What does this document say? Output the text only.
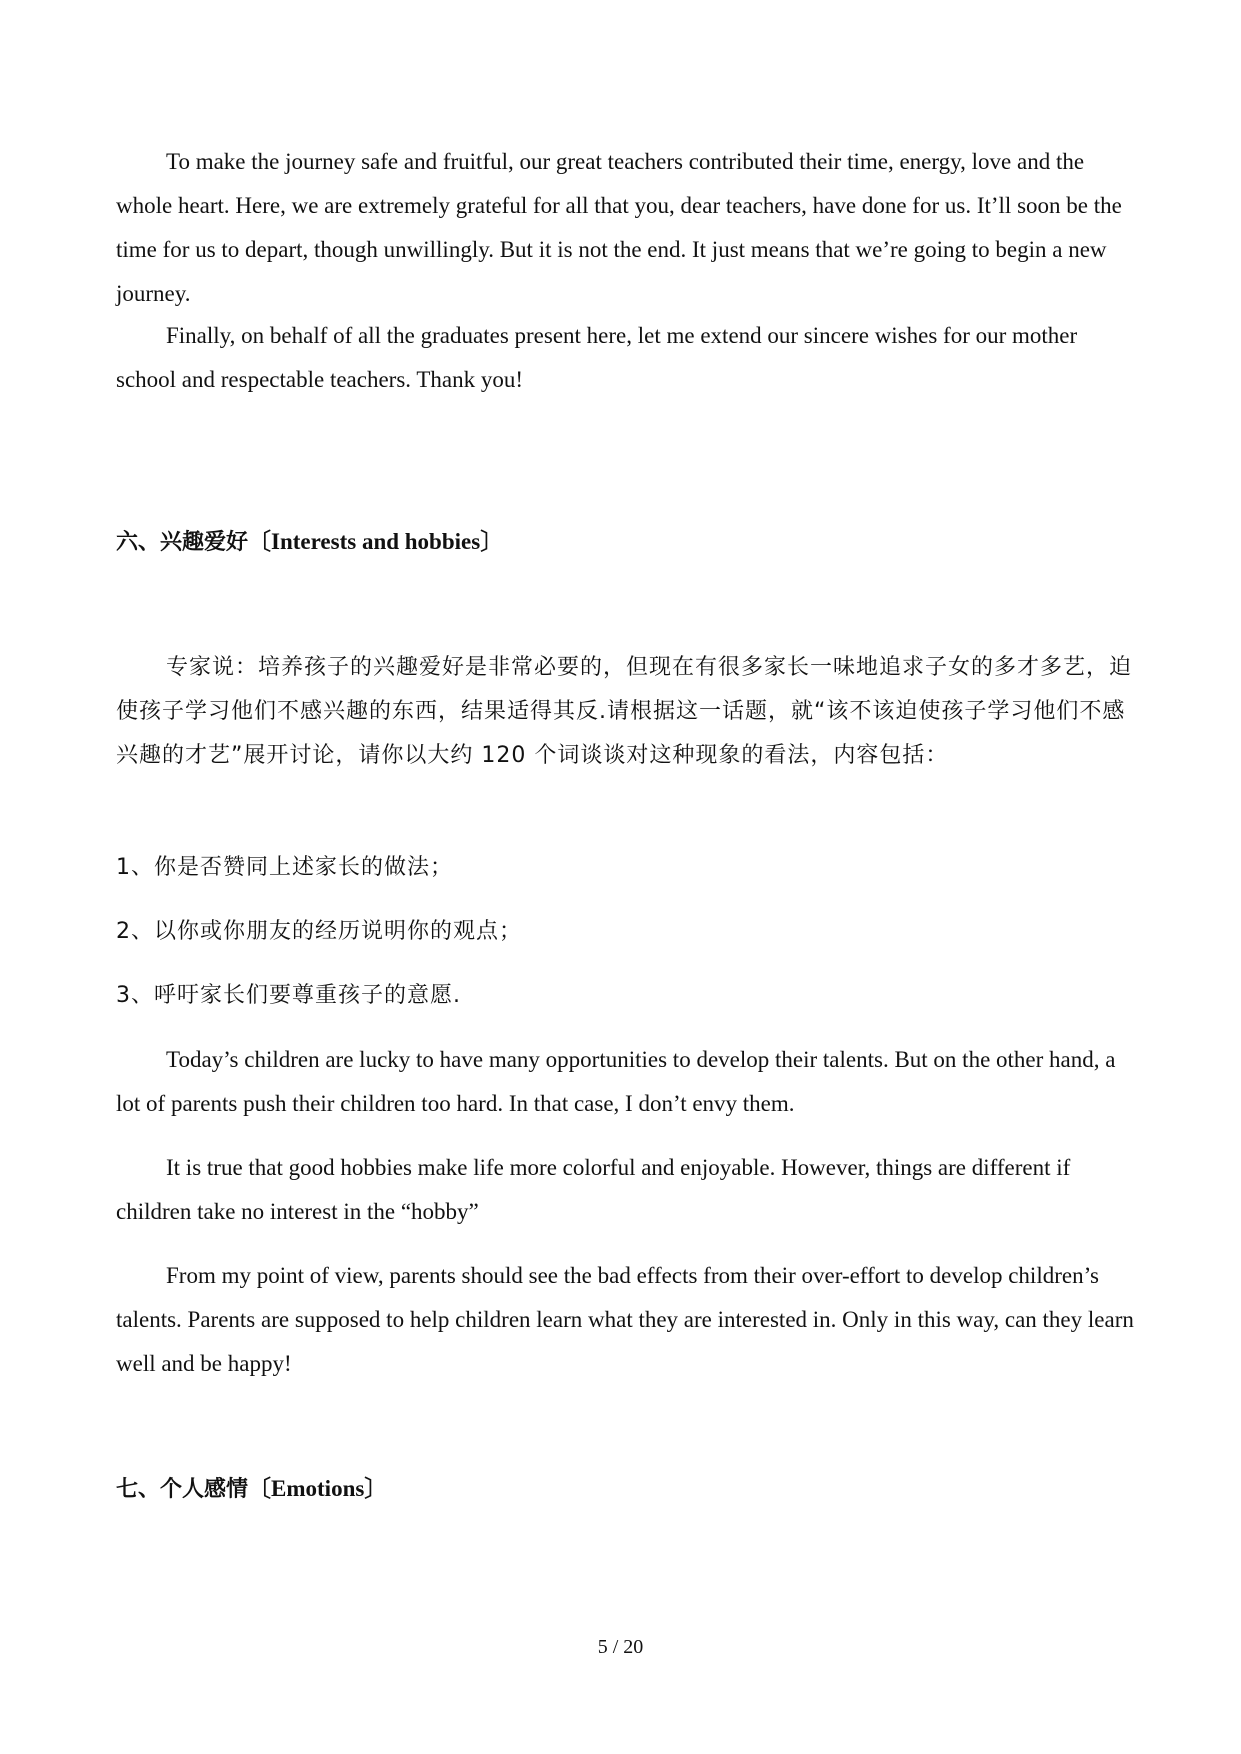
To make the journey safe and fruitful, our great teachers contributed their time, energy, love and the whole heart. Here, we are extremely grateful for all that you, dear teachers, have done for us. It’ll soon be the time for us to depart, though unwillingly. But it is not the end. It just means that we’re going to begin a new journey.

Finally, on behalf of all the graduates present here, let me extend our sincere wishes for our mother school and respectable teachers. Thank you!

六、兴趣爱好〔Interests and hobbies〕

专家说：培养孩子的兴趣爱好是非常必要的，但现在有很多家长一味地追求子女的多才多艺，迫使孩子学习他们不感兴趣的东西，结果适得其反.请根据这一话题，就“该不该迫使孩子学习他们不感兴趣的才艺”展开讨论，请你以大约 120 个词谈谈对这种现象的看法，内容包括：

1、你是否赞同上述家长的做法；

2、以你或你朋友的经历说明你的观点；

3、呼吁家长们要尊重孩子的意愿.

Today’s children are lucky to have many opportunities to develop their talents. But on the other hand, a lot of parents push their children too hard. In that case, I don’t envy them.

It is true that good hobbies make life more colorful and enjoyable. However, things are different if children take no interest in the “hobby”

From my point of view, parents should see the bad effects from their over-effort to develop children’s talents. Parents are supposed to help children learn what they are interested in. Only in this way, can they learn well and be happy!

七、个人感情〔Emotions〕

5 / 20
